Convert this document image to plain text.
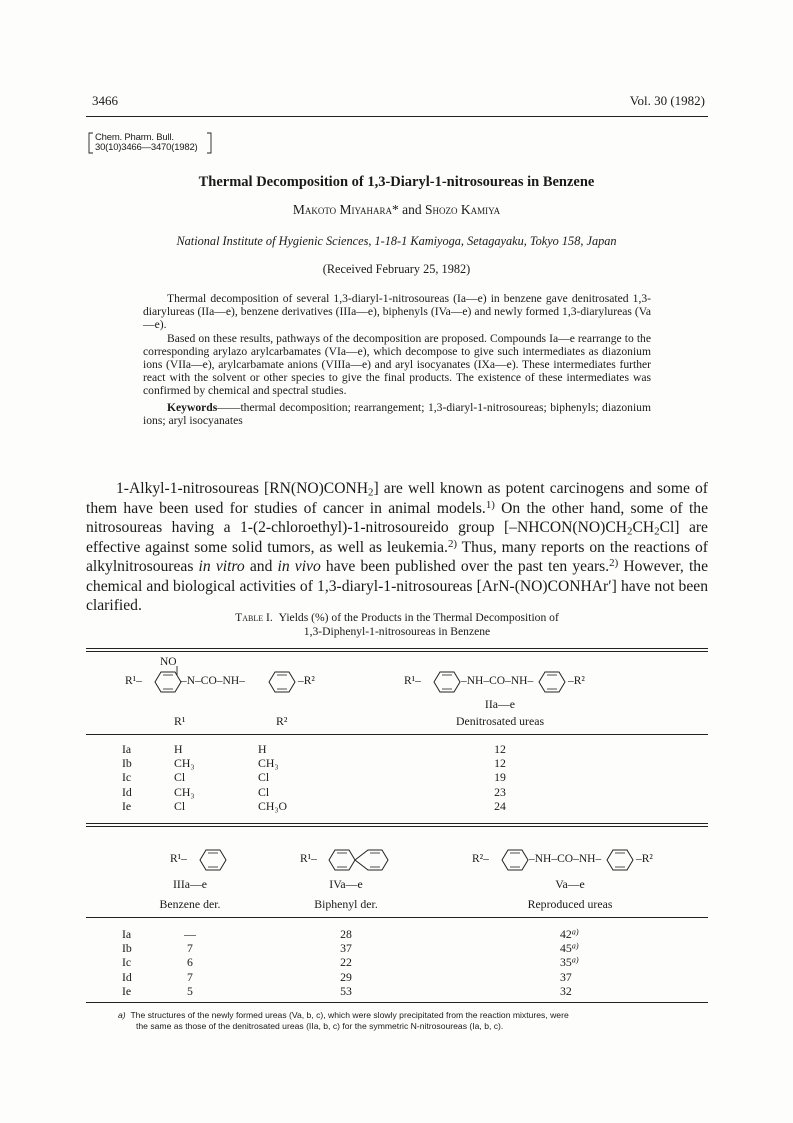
3466	Vol. 30 (1982)
Chem. Pharm. Bull.
30(10)3466—3470(1982)
Thermal Decomposition of 1,3-Diaryl-1-nitrosoureas in Benzene
Makoto Miyahara* and Shozo Kamiya
National Institute of Hygienic Sciences, 1-18-1 Kamiyoga, Setagayaku, Tokyo 158, Japan
(Received February 25, 1982)

Thermal decomposition of several 1,3-diaryl-1-nitrosoureas (Ia—e) in benzene gave denitrosated 1,3-diarylureas (IIa—e), benzene derivatives (IIIa—e), biphenyls (IVa—e) and newly formed 1,3-diarylureas (Va—e).

Based on these results, pathways of the decomposition are proposed. Compounds Ia—e rearrange to the corresponding arylazo arylcarbamates (VIa—e), which decompose to give such intermediates as diazonium ions (VIIa—e), arylcarbamate anions (VIIIa—e) and aryl isocyanates (IXa—e). These intermediates further react with the solvent or other species to give the final products. The existence of these intermediates was confirmed by chemical and spectral studies.

Keywords——thermal decomposition; rearrangement; 1,3-diaryl-1-nitrosoureas; biphenyls; diazonium ions; aryl isocyanates

1-Alkyl-1-nitrosoureas $[RN(NO)CONH_2]$ are well known as potent carcinogens and some of them have been used for studies of cancer in animal models.$^{1)}$ On the other hand, some of the nitrosoureas having a 1-(2-chloroethyl)-1-nitrosoureido group $[-NHCON(NO)CH_2CH_2Cl]$ are effective against some solid tumors, as well as leukemia.$^{2)}$ Thus, many reports on the reactions of alkylnitrosoureas in vitro and in vivo have been published over the past ten years.$^{2)}$ However, the chemical and biological activities of 1,3-diaryl-1-nitrosoureas [ArN-(NO)CONHAr′] have not been clarified.

Table I. Yields (%) of the Products in the Thermal Decomposition of
1,3-Diphenyl-1-nitrosoureas in Benzene
NO
R¹–	–N–CO–NH–	–R²	R¹–	–NH–CO–NH–	–R²
IIa—e
R¹	R²	Denitrosated ureas
Ia	H	H	12
Ib	CH₃	CH₃	12
Ic	Cl	Cl	19
Id	CH₃	Cl	23
Ie	Cl	CH₃O	24
R¹–
IIIa—e
Benzene der.
R¹–
IVa—e
Biphenyl der.
R²–	–NH–CO–NH–	–R²
Va—e
Reproduced ureas
Ia	—	28	42$^{a)}$
Ib	7	37	45$^{a)}$
Ic	6	22	35$^{a)}$
Id	7	29	37
Ie	5	53	32
a) The structures of the newly formed ureas (Va, b, c), which were slowly precipitated from the reaction mixtures, were
the same as those of the denitrosated ureas (IIa, b, c) for the symmetric N-nitrosoureas (Ia, b, c).
